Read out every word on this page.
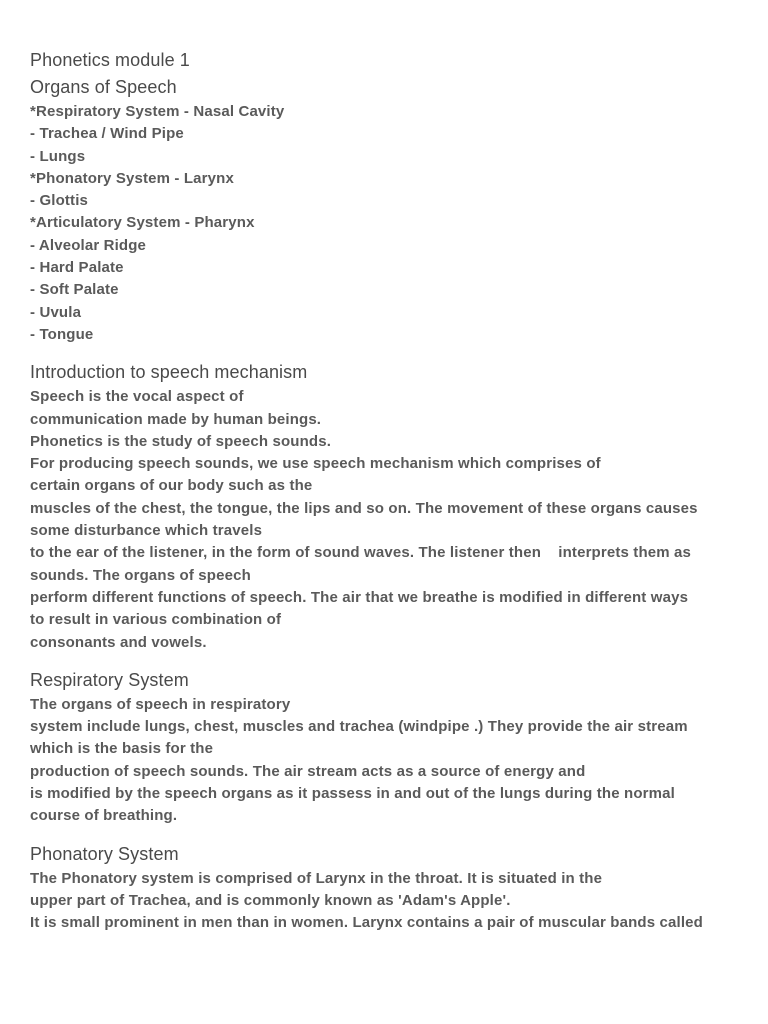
Phonetics module 1
Organs of Speech
*Respiratory System - Nasal Cavity
- Trachea / Wind Pipe
- Lungs
*Phonatory System - Larynx
- Glottis
*Articulatory System - Pharynx
- Alveolar Ridge
- Hard Palate
- Soft Palate
- Uvula
- Tongue
Introduction to speech mechanism
Speech is the vocal aspect of
communication made by human beings.
Phonetics is the study of speech sounds.
For producing speech sounds, we use speech mechanism which comprises of
certain organs of our body such as the
muscles of the chest, the tongue, the lips and so on. The movement of these organs causes
some disturbance which travels
to the ear of the listener, in the form of sound waves. The listener then    interprets them as
sounds. The organs of speech
perform different functions of speech. The air that we breathe is modified in different ways
to result in various combination of
consonants and vowels.
Respiratory System
The organs of speech in respiratory
system include lungs, chest, muscles and trachea (windpipe .) They provide the air stream
which is the basis for the
production of speech sounds. The air stream acts as a source of energy and
is modified by the speech organs as it passess in and out of the lungs during the normal
course of breathing.
Phonatory System
The Phonatory system is comprised of Larynx in the throat. It is situated in the
upper part of Trachea, and is commonly known as 'Adam's Apple'.
It is small prominent in men than in women. Larynx contains a pair of muscular bands called
